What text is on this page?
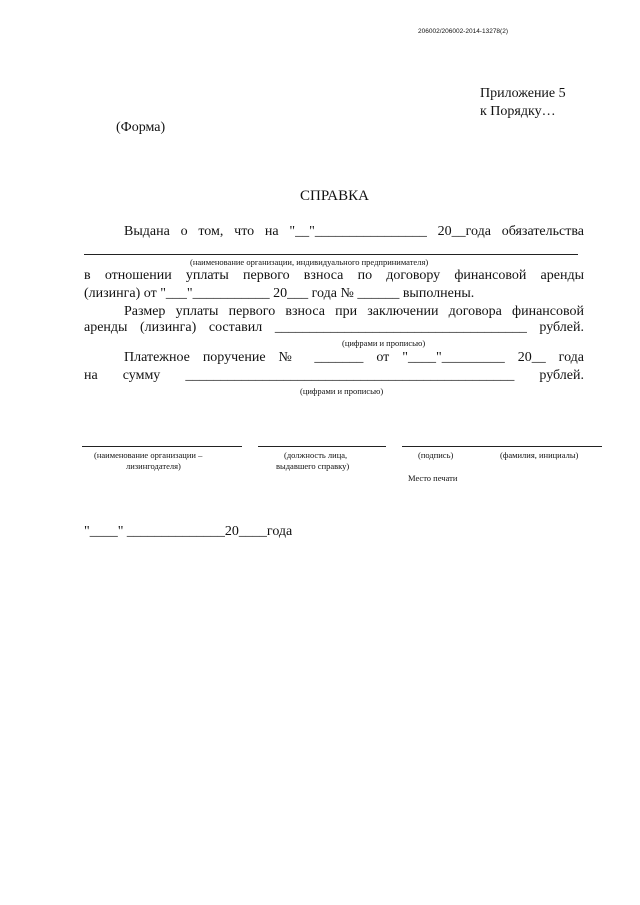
206002/206002-2014-13278(2)
Приложение 5
к Порядку…
(Форма)
СПРАВКА
Выдана о том, что на "__"________________ 20__года обязательства
(наименование организации, индивидуального предпринимателя)
в отношении уплаты первого взноса по договору финансовой аренды
(лизинга) от "___"___________ 20___ года № ______ выполнены.
Размер уплаты первого взноса при заключении договора финансовой
аренды (лизинга) составил ____________________________________ рублей.
(цифрами и прописью)
Платежное поручение № _______ от "____"_________ 20__ года
на сумму _______________________________________________ рублей.
(цифрами и прописью)
(наименование организации –
лизингодателя)
(должность лица,
выдавшего справку)
(подпись)	(фамилия, инициалы)
Место печати
"____" ______________20____года
